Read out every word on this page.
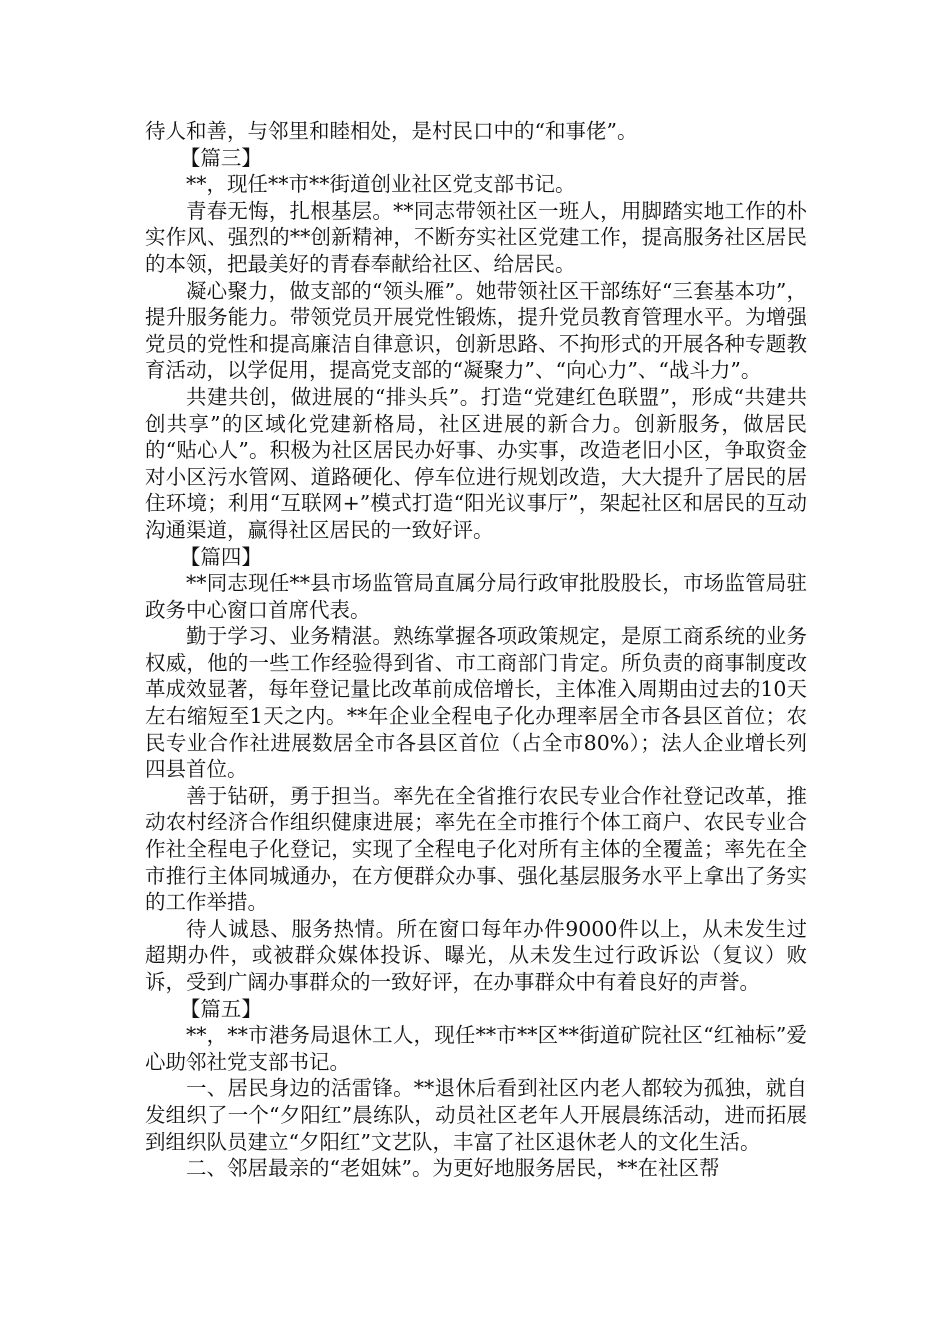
待人和善，与邻里和睦相处，是村民口中的“和事佬”。

【篇三】

**，现任**市**街道创业社区党支部书记。

青春无悔，扎根基层。**同志带领社区一班人，用脚踏实地工作的朴实作风、强烈的**创新精神，不断夯实社区党建工作，提高服务社区居民的本领，把最美好的青春奉献给社区、给居民。

凝心聚力，做支部的“领头雁”。她带领社区干部练好“三套基本功”，提升服务能力。带领党员开展党性锻炼，提升党员教育管理水平。为增强党员的党性和提高廉洁自律意识，创新思路、不拘形式的开展各种专题教育活动，以学促用，提高党支部的“凝聚力”、“向心力”、“战斗力”。

共建共创，做进展的“排头兵”。打造“党建红色联盟”，形成“共建共创共享”的区域化党建新格局，社区进展的新合力。创新服务，做居民的“贴心人”。积极为社区居民办好事、办实事，改造老旧小区，争取资金对小区污水管网、道路硬化、停车位进行规划改造，大大提升了居民的居住环境；利用“互联网+”模式打造“阳光议事厅”，架起社区和居民的互动沟通渠道，赢得社区居民的一致好评。

【篇四】

**同志现任**县市场监管局直属分局行政审批股股长，市场监管局驻政务中心窗口首席代表。

勤于学习、业务精湛。熟练掌握各项政策规定，是原工商系统的业务权威，他的一些工作经验得到省、市工商部门肯定。所负责的商事制度改革成效显著，每年登记量比改革前成倍增长，主体准入周期由过去的10天左右缩短至1天之内。**年企业全程电子化办理率居全市各县区首位；农民专业合作社进展数居全市各县区首位（占全市80%）；法人企业增长列四县首位。

善于钻研，勇于担当。率先在全省推行农民专业合作社登记改革，推动农村经济合作组织健康进展；率先在全市推行个体工商户、农民专业合作社全程电子化登记，实现了全程电子化对所有主体的全覆盖；率先在全市推行主体同城通办，在方便群众办事、强化基层服务水平上拿出了务实的工作举措。

待人诚恳、服务热情。所在窗口每年办件9000件以上，从未发生过超期办件，或被群众媒体投诉、曝光，从未发生过行政诉讼（复议）败诉，受到广阔办事群众的一致好评，在办事群众中有着良好的声誉。

【篇五】

**，**市港务局退休工人，现任**市**区**街道矿院社区“红袖标”爱心助邻社党支部书记。

一、居民身边的活雷锋。**退休后看到社区内老人都较为孤独，就自发组织了一个“夕阳红”晨练队，动员社区老年人开展晨练活动，进而拓展到组织队员建立“夕阳红”文艺队，丰富了社区退休老人的文化生活。

二、邻居最亲的“老姐妹”。为更好地服务居民，**在社区帮
